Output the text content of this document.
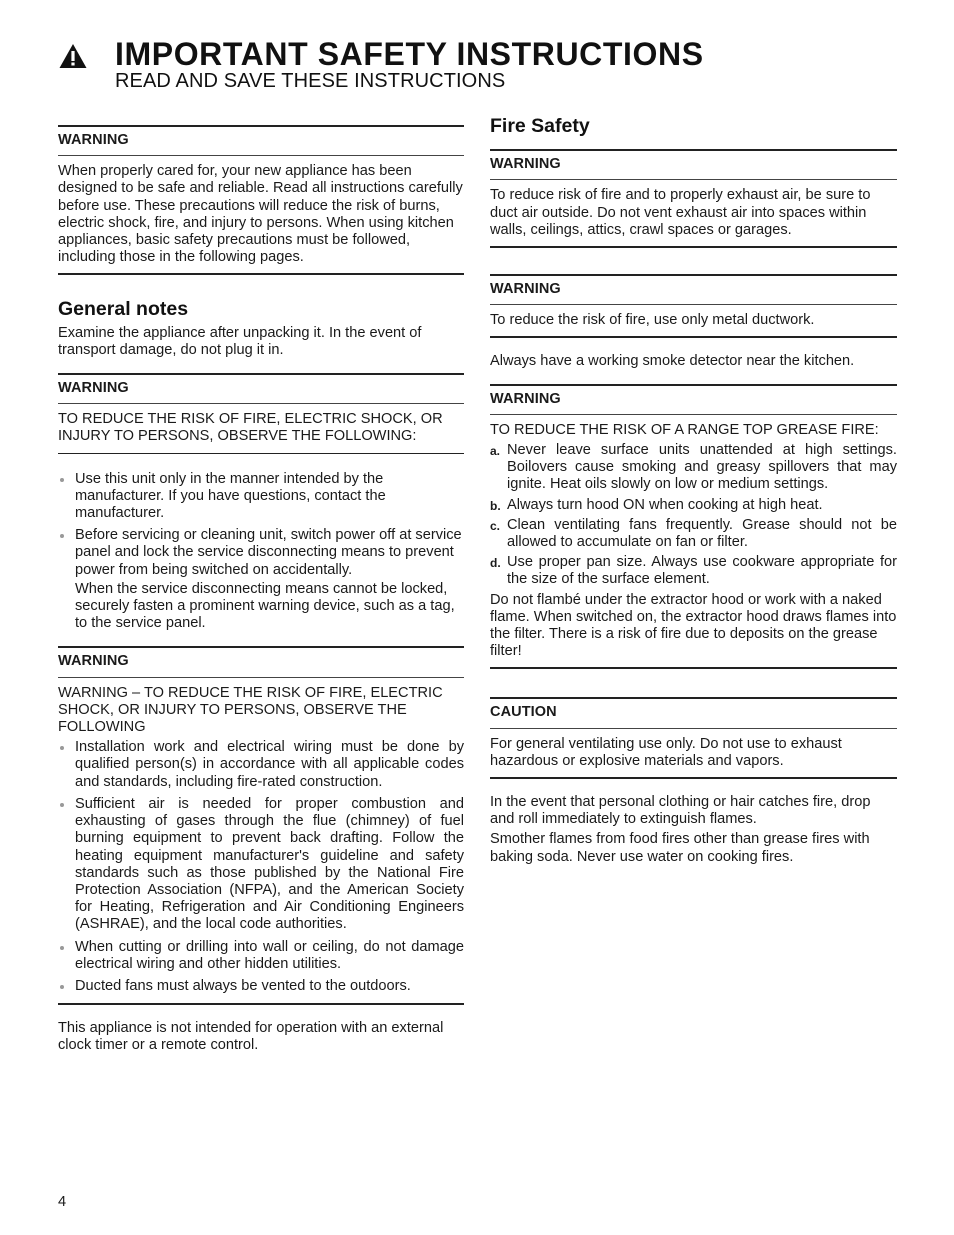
IMPORTANT SAFETY INSTRUCTIONS
READ AND SAVE THESE INSTRUCTIONS
WARNING

When properly cared for, your new appliance has been designed to be safe and reliable. Read all instructions carefully before use. These precautions will reduce the risk of burns, electric shock, fire, and injury to persons. When using kitchen appliances, basic safety precautions must be followed, including those in the following pages.

General notes

Examine the appliance after unpacking it. In the event of transport damage, do not plug it in.

WARNING

TO REDUCE THE RISK OF FIRE, ELECTRIC SHOCK, OR INJURY TO PERSONS, OBSERVE THE FOLLOWING:

Use this unit only in the manner intended by the manufacturer. If you have questions, contact the manufacturer.
Before servicing or cleaning unit, switch power off at service panel and lock the service disconnecting means to prevent power from being switched on accidentally.

When the service disconnecting means cannot be locked, securely fasten a prominent warning device, such as a tag, to the service panel.

WARNING

WARNING – TO REDUCE THE RISK OF FIRE, ELECTRIC SHOCK, OR INJURY TO PERSONS, OBSERVE THE FOLLOWING

Installation work and electrical wiring must be done by qualified person(s) in accordance with all applicable codes and standards, including fire-rated construction.
Sufficient air is needed for proper combustion and exhausting of gases through the flue (chimney) of fuel burning equipment to prevent back drafting. Follow the heating equipment manufacturer's guideline and safety standards such as those published by the National Fire Protection Association (NFPA), and the American Society for Heating, Refrigeration and Air Conditioning Engineers (ASHRAE), and the local code authorities.
When cutting or drilling into wall or ceiling, do not damage electrical wiring and other hidden utilities.
Ducted fans must always be vented to the outdoors.

This appliance is not intended for operation with an external clock timer or a remote control.

Fire Safety
WARNING

To reduce risk of fire and to properly exhaust air, be sure to duct air outside. Do not vent exhaust air into spaces within walls, ceilings, attics, crawl spaces or garages.

WARNING

To reduce the risk of fire, use only metal ductwork.

Always have a working smoke detector near the kitchen.

WARNING

TO REDUCE THE RISK OF A RANGE TOP GREASE FIRE:

a. Never leave surface units unattended at high settings. Boilovers cause smoking and greasy spillovers that may ignite. Heat oils slowly on low or medium settings.
b. Always turn hood ON when cooking at high heat.
c. Clean ventilating fans frequently. Grease should not be allowed to accumulate on fan or filter.
d. Use proper pan size. Always use cookware appropriate for the size of the surface element.

Do not flambé under the extractor hood or work with a naked flame. When switched on, the extractor hood draws flames into the filter. There is a risk of fire due to deposits on the grease filter!

CAUTION

For general ventilating use only. Do not use to exhaust hazardous or explosive materials and vapors.

In the event that personal clothing or hair catches fire, drop and roll immediately to extinguish flames.

Smother flames from food fires other than grease fires with baking soda. Never use water on cooking fires.

4
